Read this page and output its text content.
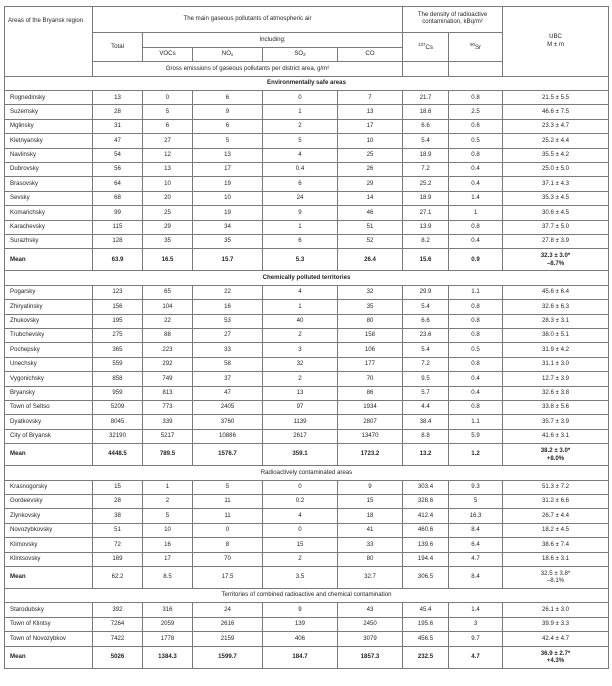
Areas of the Bryansk region	The main gaseous pollutants of atmospheric air					The density of radioactive contamination, kBq/m²		UBC
M ± m
	Total	Including:				$^{137}$Cs	$^{90}$Sr	
		VOCs	$NO_x$	$SO_2$	CO			
	Gross emissions of gaseous pollutants per district area, g/m²							
Environmentally safe areas								
Rognedinsky	13	0	6	0	7	21.7	0.8	21.5 ± 5.5
Suzemsky	28	5	9	1	13	18.6	2.5	46.6 ± 7.5
Mglinsky	31	6	6	2	17	6.6	0.6	23.3 ± 4.7
Kletnyansky	47	27	5	5	10	5.4	0.5	25.2 ± 4.4
Navlinsky	54	12	13	4	25	18.9	0.8	35.5 ± 4.2
Dubrovsky	56	13	17	0.4	26	7.2	0.4	25.0 ± 5.0
Brasovsky	64	10	19	6	29	25.2	0.4	37.1 ± 4.3
Sevsky	68	20	10	24	14	18.9	1.4	35.3 ± 4.5
Komarichsky	99	25	19	9	46	27.1	1	30.6 ± 4.5
Karachevsky	115	29	34	1	51	13.9	0.8	37.7 ± 5.0
Surazhsky	128	35	35	6	52	8.2	0.4	27.8 ± 3.9
Mean	63.9	16.5	15.7	5.3	26.4	15.6	0.9	32.3 ± 3.0*
–8.7%

Chemically polluted territories								
Pogarsky	123	65	22	4	32	29.9	1.1	45.6 ± 6.4
Zhiryatinsky	156	104	16	1	35	5.4	0.8	32.6 ± 6.3
Zhukovsky	195	22	53	40	80	6.6	0.8	28.3 ± 3.1
Trubchevsky	275	88	27	2	158	23.6	0.8	38.0 ± 5.1
Pochepsky	365	223	33	3	106	5.4	0.5	31.9 ± 4.2
Unechsky	559	292	58	32	177	7.2	0.8	31.1 ± 3.0
Vygonichsky	858	749	37	2	70	9.5	0.4	12.7 ± 3.9
Bryansky	959	813	47	13	86	5.7	0.4	32.6 ± 3.8
Town of Seltso	5209	773	2405	97	1934	4.4	0.8	33.8 ± 5.6
Dyatkovsky	8045	339	3760	1139	2807	38.4	1.1	35.7 ± 3.9
City of Bryansk	32190	5217	10886	2617	13470	8.8	5.9	41.6 ± 3.1
Mean	4448.5	789.5	1576.7	359.1	1723.2	13.2	1.2	38.2 ± 3.0*
+8.0%

Radioactively contaminated areas								
Krasnogorsky	15	1	5	0	9	303.4	9.3	51.3 ± 7.2
Gordeevsky	28	2	11	0.2	15	328.6	5	31.2 ± 6.6
Zlynkovsky	38	5	11	4	18	412.4	16.3	26.7 ± 4.4
Novozybkovsky	51	10	0	0	41	460.6	8.4	18.2 ± 4.5
Klimovsky	72	16	8	15	33	139.6	6.4	38.6 ± 7.4
Klintsovsky	169	17	70	2	80	194.4	4.7	18.6 ± 3.1
Mean	62.2	8.5	17.5	3.5	32.7	306.5	8.4	32.5 ± 3.8*
–8.1%

Territories of combined radioactive and chemical contamination								
Starodubsky	392	316	24	9	43	45.4	1.4	26.1 ± 3.0
Town of Klintsy	7264	2059	2616	139	2450	195.6	3	39.9 ± 3.3
Town of Novozybkov	7422	1778	2159	406	3079	456.5	9.7	42.4 ± 4.7
Mean	5026	1384.3	1599.7	184.7	1857.3	232.5	4.7	36.9 ± 2.7*
+4.3%
